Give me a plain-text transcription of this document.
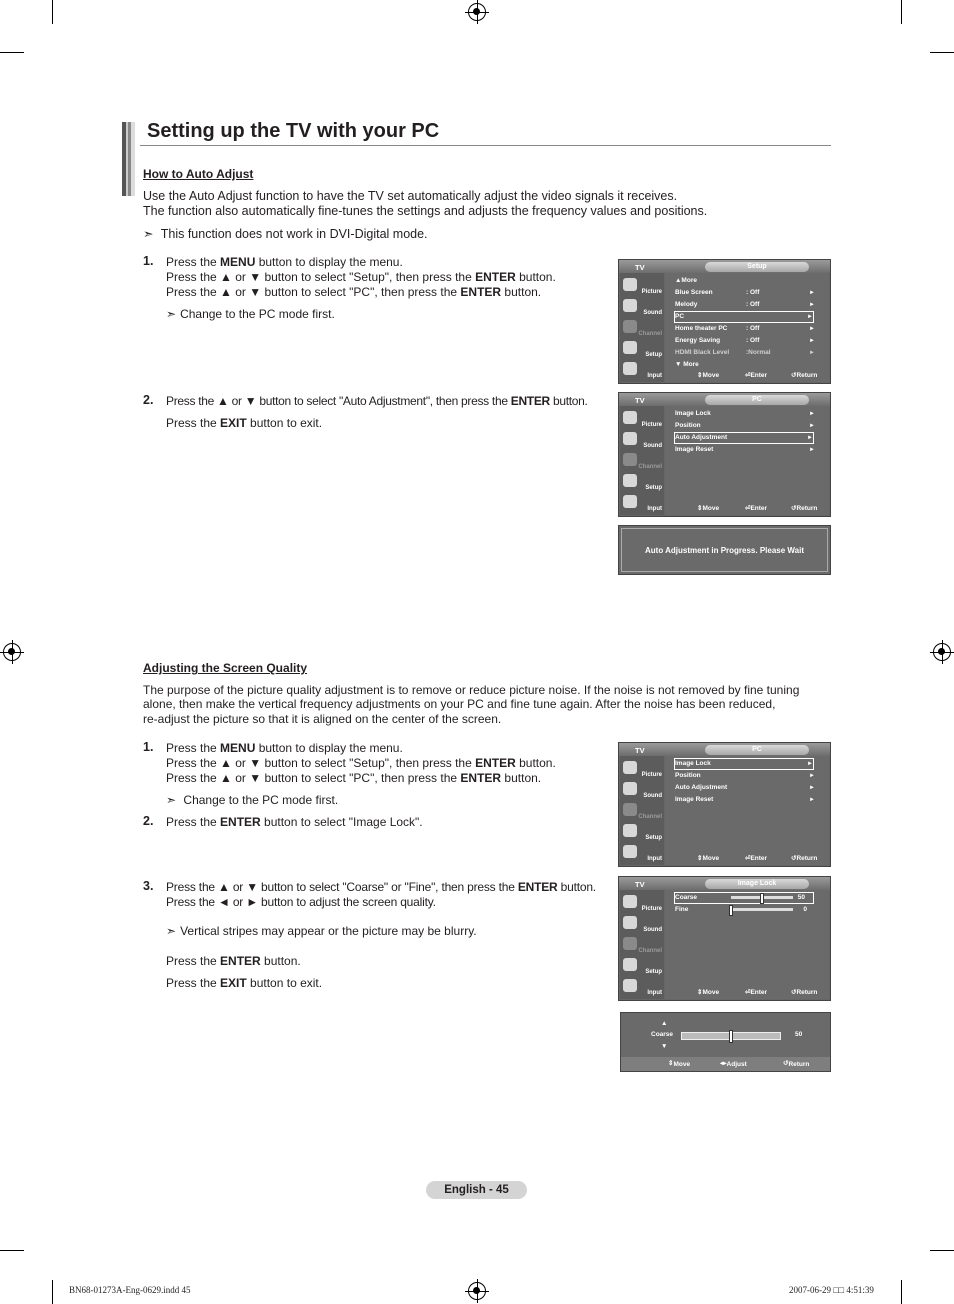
Setting up the TV with your PC
How to Auto Adjust
Use the Auto Adjust function to have the TV set automatically adjust the video signals it receives.
The function also automatically fine-tunes the settings and adjusts the frequency values and positions.
➣ This function does not work in DVI-Digital mode.
1. Press the MENU button to display the menu.
Press the ▲ or ▼ button to select "Setup", then press the ENTER button.
Press the ▲ or ▼ button to select "PC", then press the ENTER button.
➣ Change to the PC mode first.
2. Press the ▲ or ▼ button to select "Auto Adjustment", then press the ENTER button.
Press the EXIT button to exit.
TV	Setup
Picture
Sound
Channel
Setup
Input
▲More
Blue Screen	: Off	►
Melody	: Off	►
PC	►
Home theater PC	: Off	►
Energy Saving	: Off	►
HDMI Black Level	:Normal	►
▼ More
⇕ Move	⏎ Enter	↺ Return
TV	PC
Picture
Sound
Channel
Setup
Input
Image Lock	►
Position	►
Auto Adjustment	►
Image Reset	►
⇕ Move	⏎ Enter	↺ Return
Auto Adjustment in Progress. Please Wait
Adjusting the Screen Quality
The purpose of the picture quality adjustment is to remove or reduce picture noise. If the noise is not removed by fine tuning
alone, then make the vertical frequency adjustments on your PC and fine tune again. After the noise has been reduced,
re-adjust the picture so that it is aligned on the center of the screen.
1. Press the MENU button to display the menu.
Press the ▲ or ▼ button to select "Setup", then press the ENTER button.
Press the ▲ or ▼ button to select "PC", then press the ENTER button.
➣ Change to the PC mode first.
2. Press the ENTER button to select "Image Lock".
3. Press the ▲ or ▼ button to select "Coarse" or "Fine", then press the ENTER button.
Press the ◄ or ► button to adjust the screen quality.
➣ Vertical stripes may appear or the picture may be blurry.
Press the ENTER button.
Press the EXIT button to exit.
TV	PC
Picture
Sound
Channel
Setup
Input
Image Lock	►
Position	►
Auto Adjustment	►
Image Reset	►
⇕ Move	⏎ Enter	↺ Return
TV	Image Lock
Picture
Sound
Channel
Setup
Input
Coarse	50
Fine	0
⇕ Move	⏎ Enter	↺ Return
▲
Coarse	50
▼
⇕ Move	◂▸ Adjust	↺ Return
English - 45
BN68-01273A-Eng-0629.indd 45	2007-06-29 □□ 4:51:39
